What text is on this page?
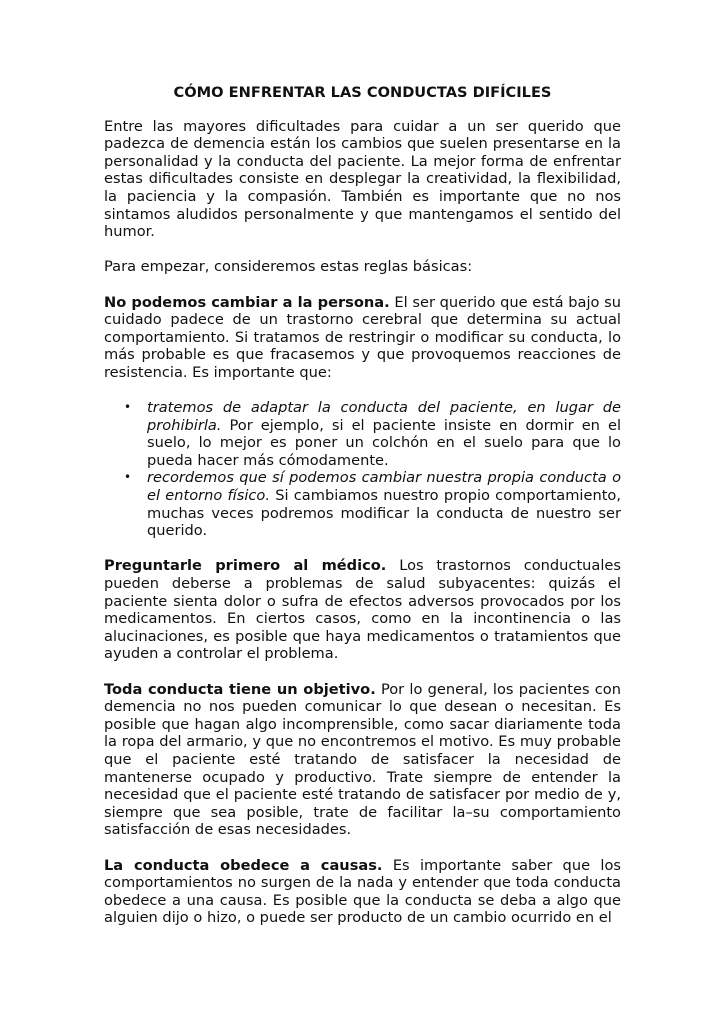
CÓMO ENFRENTAR LAS CONDUCTAS DIFÍCILES

Entre las mayores dificultades para cuidar a un ser querido que padezca de demencia están los cambios que suelen presentarse en la personalidad y la conducta del paciente. La mejor forma de enfrentar estas dificultades consiste en desplegar la creatividad, la flexibilidad, la paciencia y la compasión. También es importante que no nos sintamos aludidos personalmente y que mantengamos el sentido del humor.

Para empezar, consideremos estas reglas básicas:

No podemos cambiar a la persona. El ser querido que está bajo su cuidado padece de un trastorno cerebral que determina su actual comportamiento. Si tratamos de restringir o modificar su conducta, lo más probable es que fracasemos y que provoquemos reacciones de resistencia. Es importante que:

• tratemos de adaptar la conducta del paciente, en lugar de prohibirla. Por ejemplo, si el paciente insiste en dormir en el suelo, lo mejor es poner un colchón en el suelo para que lo pueda hacer más cómodamente.
• recordemos que sí podemos cambiar nuestra propia conducta o el entorno físico. Si cambiamos nuestro propio comportamiento, muchas veces podremos modificar la conducta de nuestro ser querido.

Preguntarle primero al médico. Los trastornos conductuales pueden deberse a problemas de salud subyacentes: quizás el paciente sienta dolor o sufra de efectos adversos provocados por los medicamentos. En ciertos casos, como en la incontinencia o las alucinaciones, es posible que haya medicamentos o tratamientos que ayuden a controlar el problema.

Toda conducta tiene un objetivo. Por lo general, los pacientes con demencia no nos pueden comunicar lo que desean o necesitan. Es posible que hagan algo incomprensible, como sacar diariamente toda la ropa del armario, y que no encontremos el motivo. Es muy probable que el paciente esté tratando de satisfacer la necesidad de mantenerse ocupado y productivo. Trate siempre de entender la necesidad que el paciente esté tratando de satisfacer por medio de y, siempre que sea posible, trate de facilitar la–su comportamiento satisfacción de esas necesidades.

La conducta obedece a causas. Es importante saber que los comportamientos no surgen de la nada y entender que toda conducta obedece a una causa. Es posible que la conducta se deba a algo que alguien dijo o hizo, o puede ser producto de un cambio ocurrido en el
